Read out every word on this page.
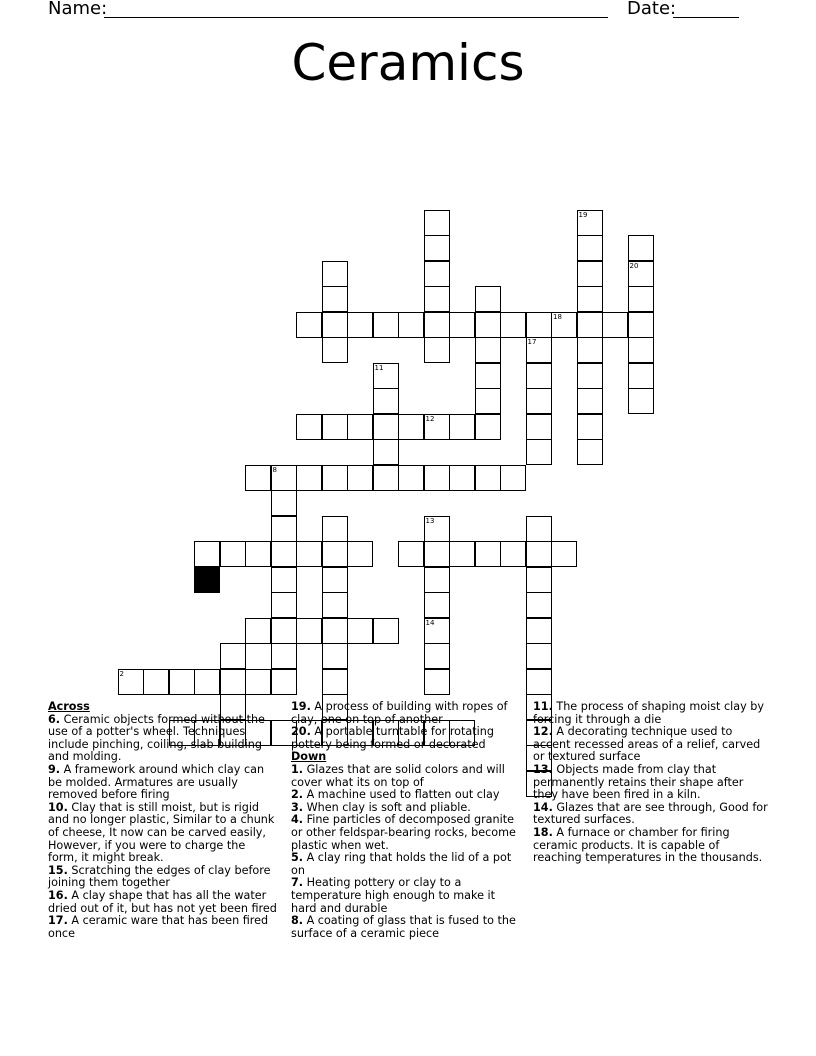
Name:	Date:
Ceramics
18
12
8
2
19
20
17
11
13
14
5
Across
6. Ceramic objects formed without the use of a potter's wheel. Techniques include pinching, coiling, slab building and molding.
9. A framework around which clay can be molded. Armatures are usually removed before firing
10. Clay that is still moist, but is rigid and no longer plastic, Similar to a chunk of cheese, It now can be carved easily, However, if you were to charge the form, it might break.
15. Scratching the edges of clay before joining them together
16. A clay shape that has all the water dried out of it, but has not yet been fired
17. A ceramic ware that has been fired once
19. A process of building with ropes of clay, one on top of another
20. A portable turntable for rotating pottery being formed or decorated
Down
1. Glazes that are solid colors and will cover what its on top of
2. A machine used to flatten out clay
3. When clay is soft and pliable.
4. Fine particles of decomposed granite or other feldspar-bearing rocks, become plastic when wet.
5. A clay ring that holds the lid of a pot on
7. Heating pottery or clay to a temperature high enough to make it hard and durable
8. A coating of glass that is fused to the surface of a ceramic piece
11. The process of shaping moist clay by forcing it through a die
12. A decorating technique used to accent recessed areas of a relief, carved or textured surface
13. Objects made from clay that permanently retains their shape after they have been fired in a kiln.
14. Glazes that are see through, Good for textured surfaces.
18. A furnace or chamber for firing ceramic products. It is capable of reaching temperatures in the thousands.
